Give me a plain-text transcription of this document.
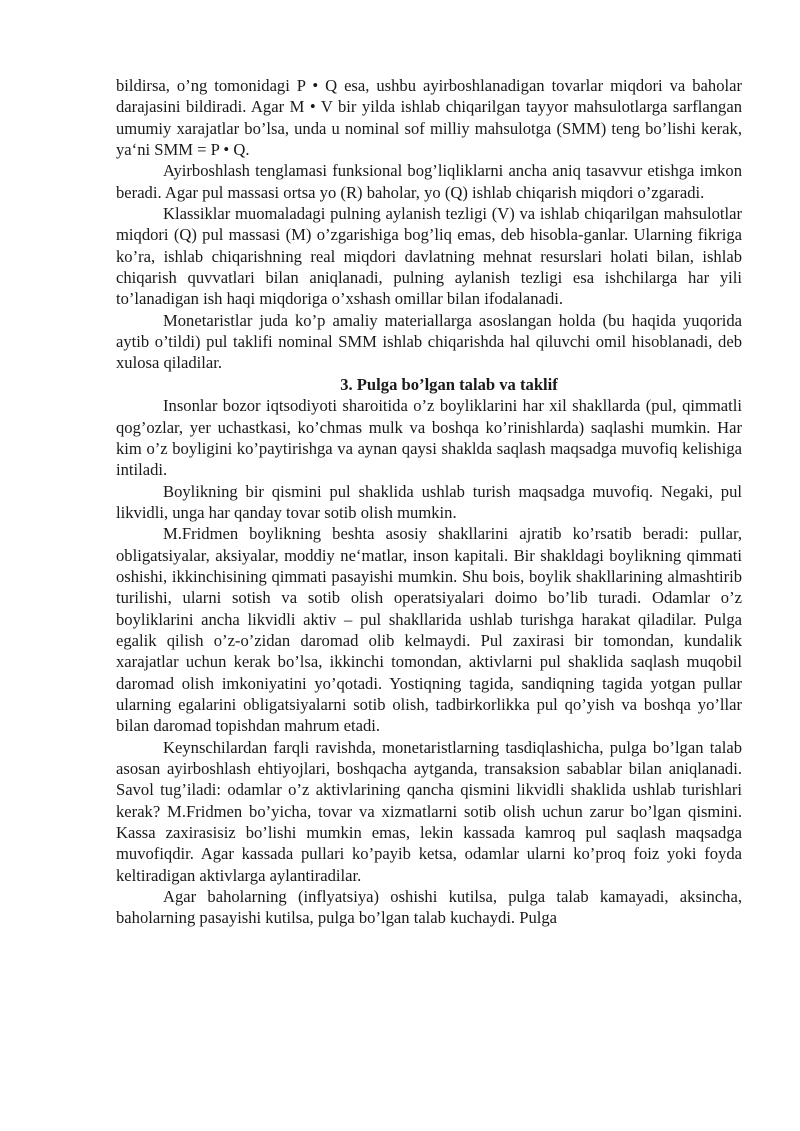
bildirsa, o’ng tomonidagi P • Q esa, ushbu ayirboshlanadigan tovarlar miqdori va baholar darajasini bildiradi. Agar M • V bir yilda ishlab chiqarilgan tayyor mahsulotlarga sarflangan umumiy xarajatlar bo’lsa, unda u nominal sof milliy mahsulotga (SMM) teng bo’lishi kerak, ya‘ni SMM = P • Q.

Ayirboshlash tenglamasi funksional bog’liqliklarni ancha aniq tasavvur etishga imkon beradi. Agar pul massasi ortsa yo (R) baholar, yo (Q) ishlab chiqarish miqdori o’zgaradi.

Klassiklar muomaladagi pulning aylanish tezligi (V) va ishlab chiqarilgan mahsulotlar miqdori (Q) pul massasi (M) o’zgarishiga bog’liq emas, deb hisobla-ganlar. Ularning fikriga ko’ra, ishlab chiqarishning real miqdori davlatning mehnat resurslari holati bilan, ishlab chiqarish quvvatlari bilan aniqlanadi, pulning aylanish tezligi esa ishchilarga har yili to’lanadigan ish haqi miqdoriga o’xshash omillar bilan ifodalanadi.

Monetaristlar juda ko’p amaliy materiallarga asoslangan holda (bu haqida yuqorida aytib o’tildi) pul taklifi nominal SMM ishlab chiqarishda hal qiluvchi omil hisoblanadi, deb xulosa qiladilar.

3. Pulga bo’lgan talab va taklif

Insonlar bozor iqtsodiyoti sharoitida o’z boyliklarini har xil shakllarda (pul, qimmatli qog’ozlar, yer uchastkasi, ko’chmas mulk va boshqa ko’rinishlarda) saqlashi mumkin. Har kim o’z boyligini ko’paytirishga va aynan qaysi shaklda saqlash maqsadga muvofiq kelishiga intiladi.

Boylikning bir qismini pul shaklida ushlab turish maqsadga muvofiq. Negaki, pul likvidli, unga har qanday tovar sotib olish mumkin.

M.Fridmen boylikning beshta asosiy shakllarini ajratib ko’rsatib beradi: pullar, obligatsiyalar, aksiyalar, moddiy ne‘matlar, inson kapitali. Bir shakldagi boylikning qimmati oshishi, ikkinchisining qimmati pasayishi mumkin. Shu bois, boylik shakllarining almashtirib turilishi, ularni sotish va sotib olish operatsiyalari doimo bo’lib turadi. Odamlar o’z boyliklarini ancha likvidli aktiv – pul shakllarida ushlab turishga harakat qiladilar. Pulga egalik qilish o’z-o’zidan daromad olib kelmaydi. Pul zaxirasi bir tomondan, kundalik xarajatlar uchun kerak bo’lsa, ikkinchi tomondan, aktivlarni pul shaklida saqlash muqobil daromad olish imkoniyatini yo’qotadi. Yostiqning tagida, sandiqning tagida yotgan pullar ularning egalarini obligatsiyalarni sotib olish, tadbirkorlikka pul qo’yish va boshqa yo’llar bilan daromad topishdan mahrum etadi.

Keynschilardan farqli ravishda, monetaristlarning tasdiqlashicha, pulga bo’lgan talab asosan ayirboshlash ehtiyojlari, boshqacha aytganda, transaksion sabablar bilan aniqlanadi. Savol tug’iladi: odamlar o’z aktivlarining qancha qismini likvidli shaklida ushlab turishlari kerak? M.Fridmen bo’yicha, tovar va xizmatlarni sotib olish uchun zarur bo’lgan qismini. Kassa zaxirasisiz bo’lishi mumkin emas, lekin kassada kamroq pul saqlash maqsadga muvofiqdir. Agar kassada pullari ko’payib ketsa, odamlar ularni ko’proq foiz yoki foyda keltiradigan aktivlarga aylantiradilar.

Agar baholarning (inflyatsiya) oshishi kutilsa, pulga talab kamayadi, aksincha, baholarning pasayishi kutilsa, pulga bo’lgan talab kuchaydi. Pulga
